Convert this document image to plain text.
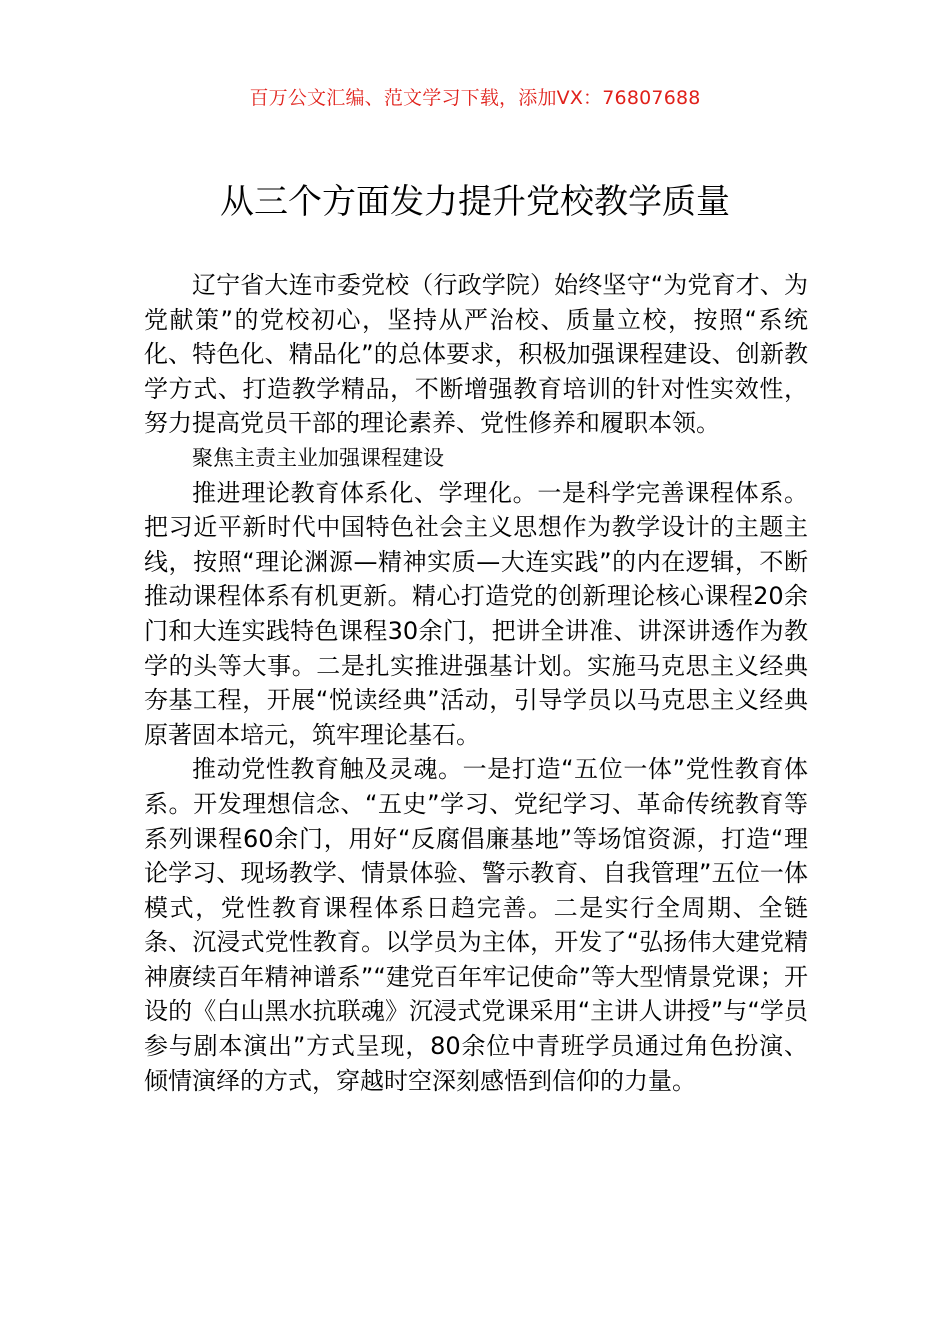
百万公文汇编、范文学习下载，添加VX：76807688
从三个方面发力提升党校教学质量

辽宁省大连市委党校（行政学院）始终坚守“为党育才、为党献策”的党校初心，坚持从严治校、质量立校，按照“系统化、特色化、精品化”的总体要求，积极加强课程建设、创新教学方式、打造教学精品，不断增强教育培训的针对性实效性，努力提高党员干部的理论素养、党性修养和履职本领。

聚焦主责主业加强课程建设

推进理论教育体系化、学理化。一是科学完善课程体系。把习近平新时代中国特色社会主义思想作为教学设计的主题主线，按照“理论渊源—精神实质—大连实践”的内在逻辑，不断推动课程体系有机更新。精心打造党的创新理论核心课程20余门和大连实践特色课程30余门，把讲全讲准、讲深讲透作为教学的头等大事。二是扎实推进强基计划。实施马克思主义经典夯基工程，开展“悦读经典”活动，引导学员以马克思主义经典原著固本培元，筑牢理论基石。

推动党性教育触及灵魂。一是打造“五位一体”党性教育体系。开发理想信念、“五史”学习、党纪学习、革命传统教育等系列课程60余门，用好“反腐倡廉基地”等场馆资源，打造“理论学习、现场教学、情景体验、警示教育、自我管理”五位一体模式，党性教育课程体系日趋完善。二是实行全周期、全链条、沉浸式党性教育。以学员为主体，开发了“弘扬伟大建党精神赓续百年精神谱系”“建党百年牢记使命”等大型情景党课；开设的《白山黑水抗联魂》沉浸式党课采用“主讲人讲授”与“学员参与剧本演出”方式呈现，80余位中青班学员通过角色扮演、倾情演绎的方式，穿越时空深刻感悟到信仰的力量。
